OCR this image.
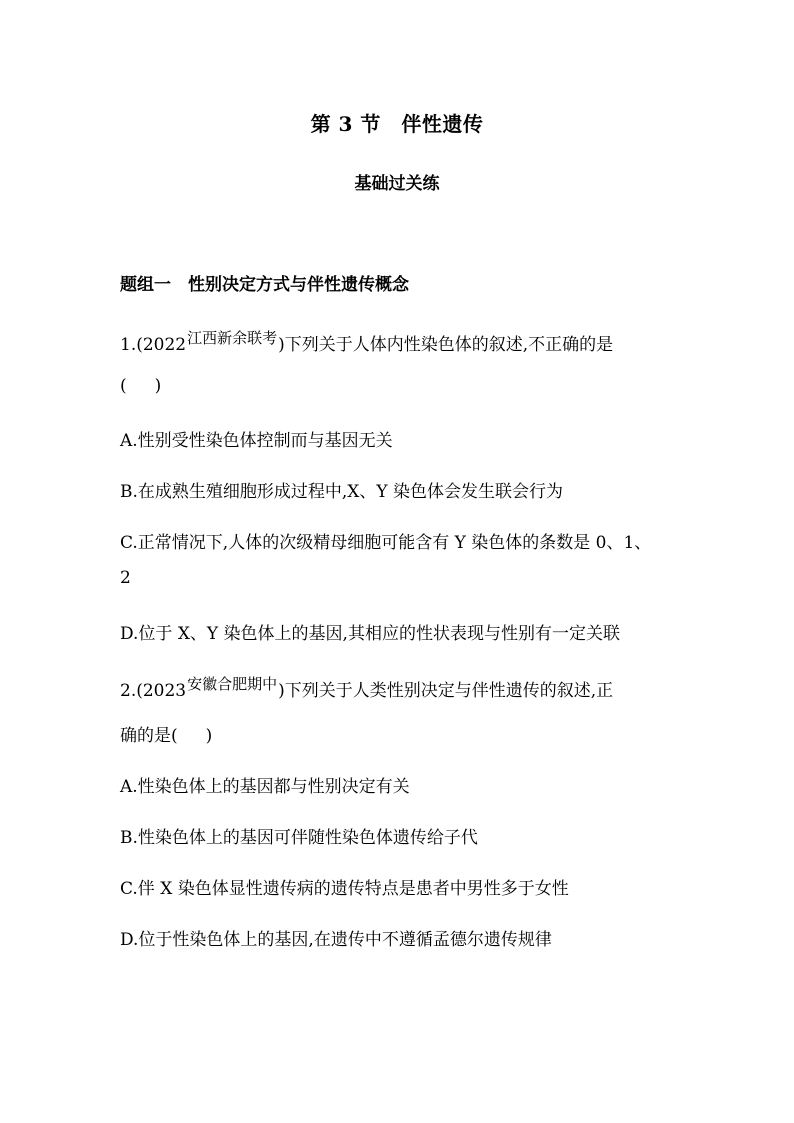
第 3 节　伴性遗传
基础过关练
题组一　性别决定方式与伴性遗传概念
1.(2022江西新余联考)下列关于人体内性染色体的叙述,不正确的是
( )
A.性别受性染色体控制而与基因无关
B.在成熟生殖细胞形成过程中,X、Y 染色体会发生联会行为
C.正常情况下,人体的次级精母细胞可能含有 Y 染色体的条数是 0、1、
2
D.位于 X、Y 染色体上的基因,其相应的性状表现与性别有一定关联
2.(2023安徽合肥期中)下列关于人类性别决定与伴性遗传的叙述,正
确的是( )
A.性染色体上的基因都与性别决定有关
B.性染色体上的基因可伴随性染色体遗传给子代
C.伴 X 染色体显性遗传病的遗传特点是患者中男性多于女性
D.位于性染色体上的基因,在遗传中不遵循孟德尔遗传规律
